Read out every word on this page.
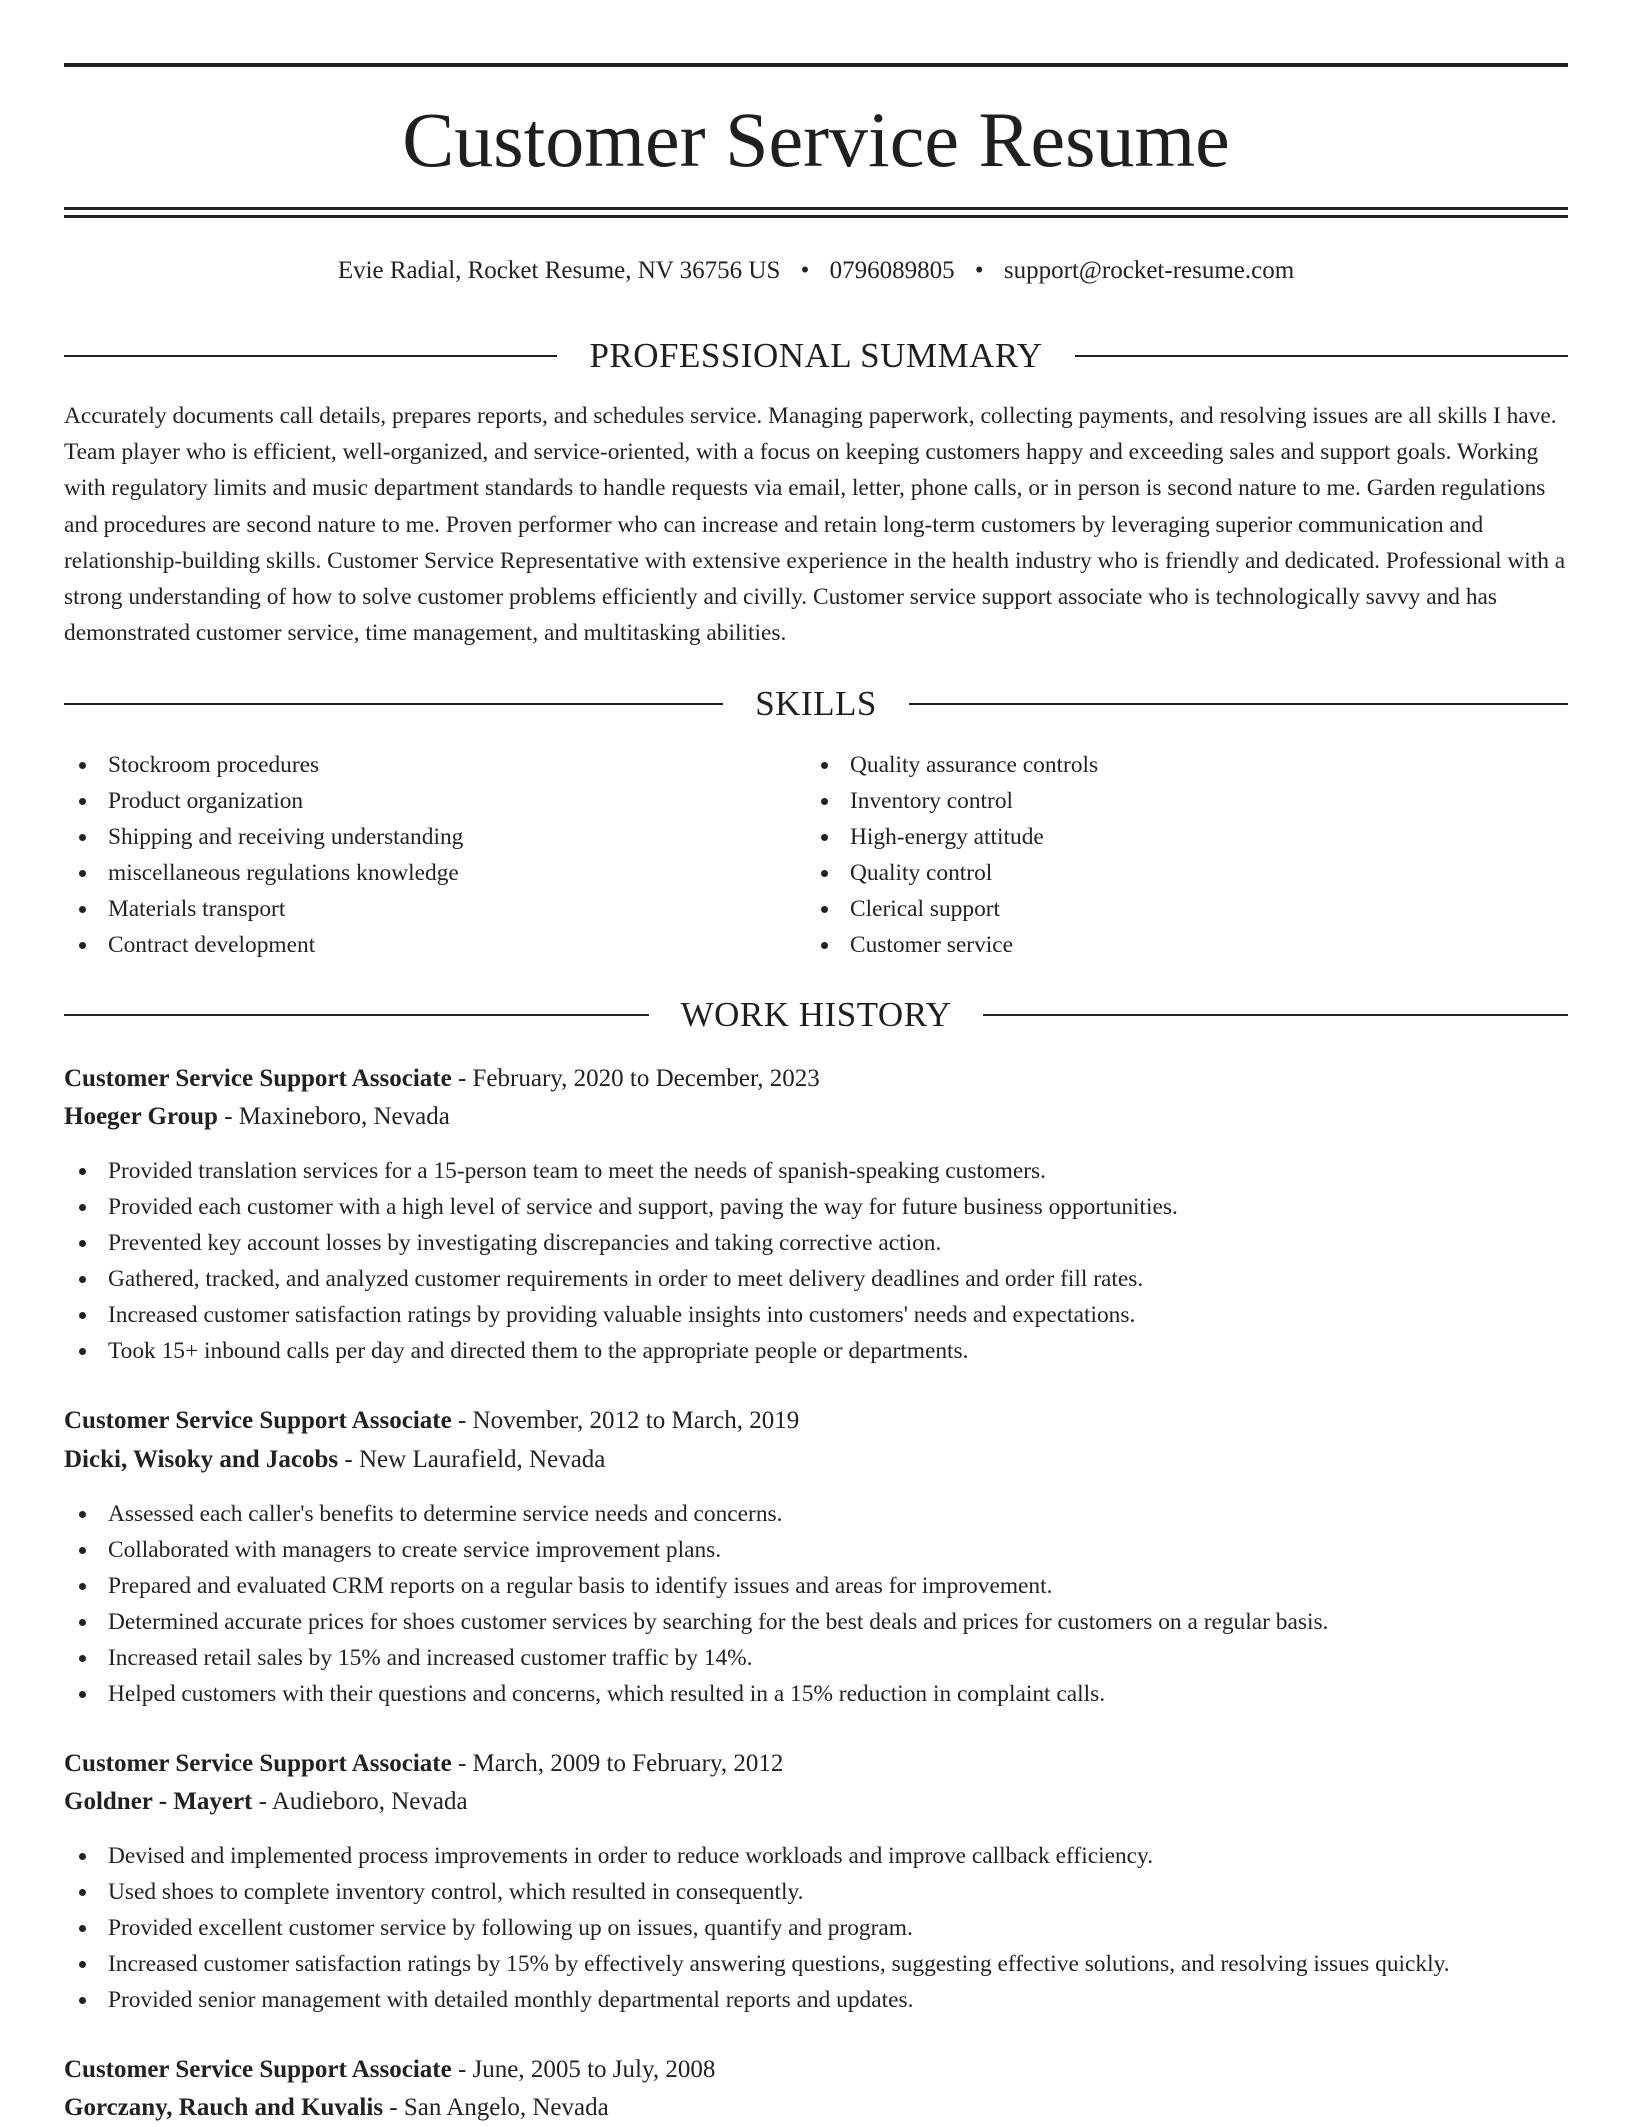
Customer Service Resume
Evie Radial, Rocket Resume, NV 36756 US • 0796089805 • support@rocket-resume.com
PROFESSIONAL SUMMARY

Accurately documents call details, prepares reports, and schedules service. Managing paperwork, collecting payments, and resolving issues are all skills I have. Team player who is efficient, well-organized, and service-oriented, with a focus on keeping customers happy and exceeding sales and support goals. Working with regulatory limits and music department standards to handle requests via email, letter, phone calls, or in person is second nature to me. Garden regulations and procedures are second nature to me. Proven performer who can increase and retain long-term customers by leveraging superior communication and relationship-building skills. Customer Service Representative with extensive experience in the health industry who is friendly and dedicated. Professional with a strong understanding of how to solve customer problems efficiently and civilly. Customer service support associate who is technologically savvy and has demonstrated customer service, time management, and multitasking abilities.

SKILLS
Stockroom procedures
Product organization
Shipping and receiving understanding
miscellaneous regulations knowledge
Materials transport
Contract development
Quality assurance controls
Inventory control
High-energy attitude
Quality control
Clerical support
Customer service
WORK HISTORY
Customer Service Support Associate - February, 2020 to December, 2023
Hoeger Group - Maxineboro, Nevada
Provided translation services for a 15-person team to meet the needs of spanish-speaking customers.
Provided each customer with a high level of service and support, paving the way for future business opportunities.
Prevented key account losses by investigating discrepancies and taking corrective action.
Gathered, tracked, and analyzed customer requirements in order to meet delivery deadlines and order fill rates.
Increased customer satisfaction ratings by providing valuable insights into customers' needs and expectations.
Took 15+ inbound calls per day and directed them to the appropriate people or departments.
Customer Service Support Associate - November, 2012 to March, 2019
Dicki, Wisoky and Jacobs - New Laurafield, Nevada
Assessed each caller's benefits to determine service needs and concerns.
Collaborated with managers to create service improvement plans.
Prepared and evaluated CRM reports on a regular basis to identify issues and areas for improvement.
Determined accurate prices for shoes customer services by searching for the best deals and prices for customers on a regular basis.
Increased retail sales by 15% and increased customer traffic by 14%.
Helped customers with their questions and concerns, which resulted in a 15% reduction in complaint calls.
Customer Service Support Associate - March, 2009 to February, 2012
Goldner - Mayert - Audieboro, Nevada
Devised and implemented process improvements in order to reduce workloads and improve callback efficiency.
Used shoes to complete inventory control, which resulted in consequently.
Provided excellent customer service by following up on issues, quantify and program.
Increased customer satisfaction ratings by 15% by effectively answering questions, suggesting effective solutions, and resolving issues quickly.
Provided senior management with detailed monthly departmental reports and updates.
Customer Service Support Associate - June, 2005 to July, 2008
Gorczany, Rauch and Kuvalis - San Angelo, Nevada
